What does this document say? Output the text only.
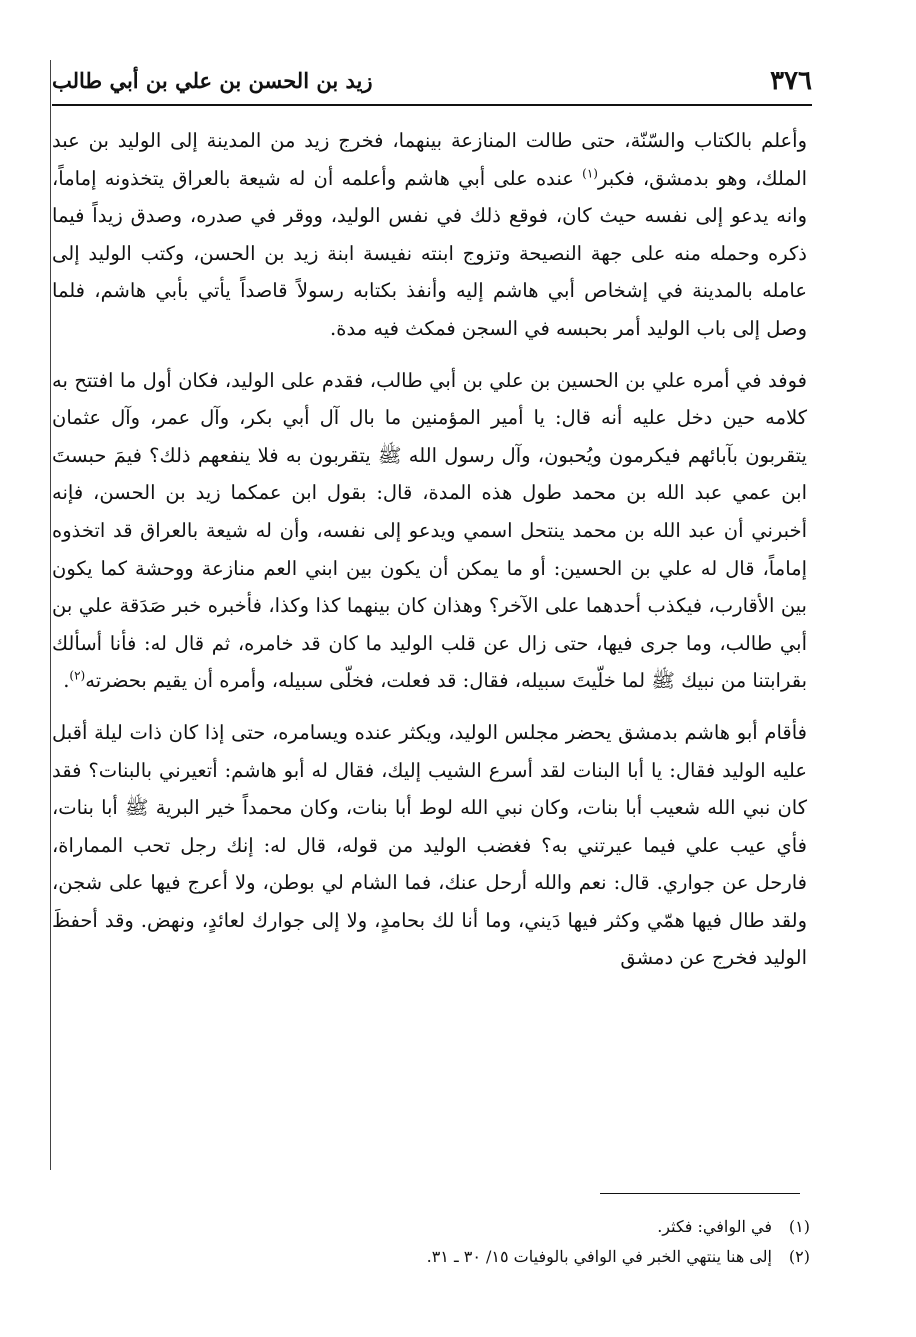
٣٧٦
زيد بن الحسن بن علي بن أبي طالب

وأعلم بالكتاب والسّنّة، حتى طالت المنازعة بينهما، فخرج زيد من المدينة إلى الوليد بن عبد الملك، وهو بدمشق، فكبر$^{(١)}$ عنده على أبي هاشم وأعلمه أن له شيعة بالعراق يتخذونه إماماً، وانه يدعو إلى نفسه حيث كان، فوقع ذلك في نفس الوليد، ووقر في صدره، وصدق زيداً فيما ذكره وحمله منه على جهة النصيحة وتزوج ابنته نفيسة ابنة زيد بن الحسن، وكتب الوليد إلى عامله بالمدينة في إشخاص أبي هاشم إليه وأنفذ بكتابه رسولاً قاصداً يأتي بأبي هاشم، فلما وصل إلى باب الوليد أمر بحبسه في السجن فمكث فيه مدة.

فوفد في أمره علي بن الحسين بن علي بن أبي طالب، فقدم على الوليد، فكان أول ما افتتح به كلامه حين دخل عليه أنه قال: يا أمير المؤمنين ما بال آل أبي بكر، وآل عمر، وآل عثمان يتقربون بآبائهم فيكرمون ويُحبون، وآل رسول الله ﷺ يتقربون به فلا ينفعهم ذلك؟ فيمَ حبستَ ابن عمي عبد الله بن محمد طول هذه المدة، قال: بقول ابن عمكما زيد بن الحسن، فإنه أخبرني أن عبد الله بن محمد ينتحل اسمي ويدعو إلى نفسه، وأن له شيعة بالعراق قد اتخذوه إماماً، قال له علي بن الحسين: أو ما يمكن أن يكون بين ابني العم منازعة ووحشة كما يكون بين الأقارب، فيكذب أحدهما على الآخر؟ وهذان كان بينهما كذا وكذا، فأخبره خبر صَدَقة علي بن أبي طالب، وما جرى فيها، حتى زال عن قلب الوليد ما كان قد خامره، ثم قال له: فأنا أسألك بقرابتنا من نبيك ﷺ لما خلّيتَ سبيله، فقال: قد فعلت، فخلّى سبيله، وأمره أن يقيم بحضرته$^{(٢)}$.

فأقام أبو هاشم بدمشق يحضر مجلس الوليد، ويكثر عنده ويسامره، حتى إذا كان ذات ليلة أقبل عليه الوليد فقال: يا أبا البنات لقد أسرع الشيب إليك، فقال له أبو هاشم: أتعيرني بالبنات؟ فقد كان نبي الله شعيب أبا بنات، وكان نبي الله لوط أبا بنات، وكان محمداً خير البرية ﷺ أبا بنات، فأي عيب علي فيما عيرتني به؟ فغضب الوليد من قوله، قال له: إنك رجل تحب المماراة، فارحل عن جواري. قال: نعم والله أرحل عنك، فما الشام لي بوطن، ولا أعرج فيها على شجن، ولقد طال فيها همّي وكثر فيها دَيني، وما أنا لك بحامدٍ، ولا إلى جوارك لعائدٍ، ونهض. وقد أحفظَ الوليد فخرج عن دمشق

(١)
في الوافي: فكثر.
(٢)
إلى هنا ينتهي الخبر في الوافي بالوفيات ١٥/ ٣٠ ـ ٣١.
